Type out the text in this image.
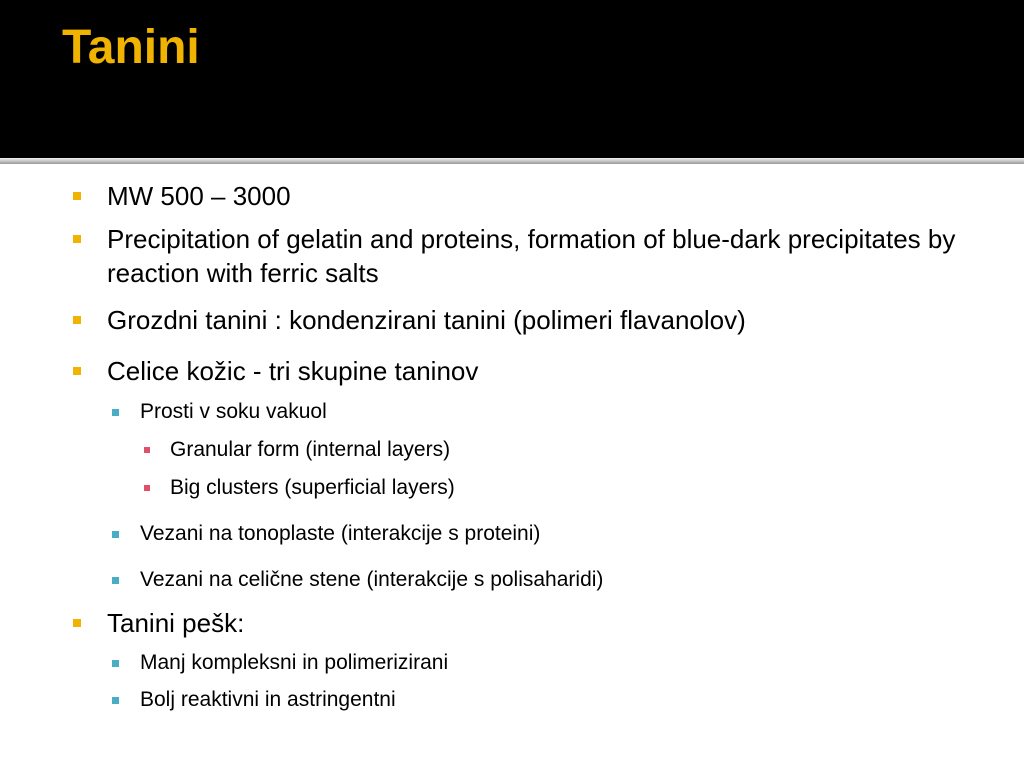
Tanini
MW 500 – 3000
Precipitation of gelatin and proteins, formation of blue-dark precipitates by reaction with ferric salts
Grozdni tanini : kondenzirani tanini (polimeri flavanolov)
Celice kožic - tri skupine taninov
Prosti v soku vakuol
Granular form (internal layers)
Big clusters (superficial layers)
Vezani na tonoplaste (interakcije s proteini)
Vezani na celične stene (interakcije s polisaharidi)
Tanini pešk:
Manj kompleksni in polimerizirani
Bolj reaktivni in astringentni
